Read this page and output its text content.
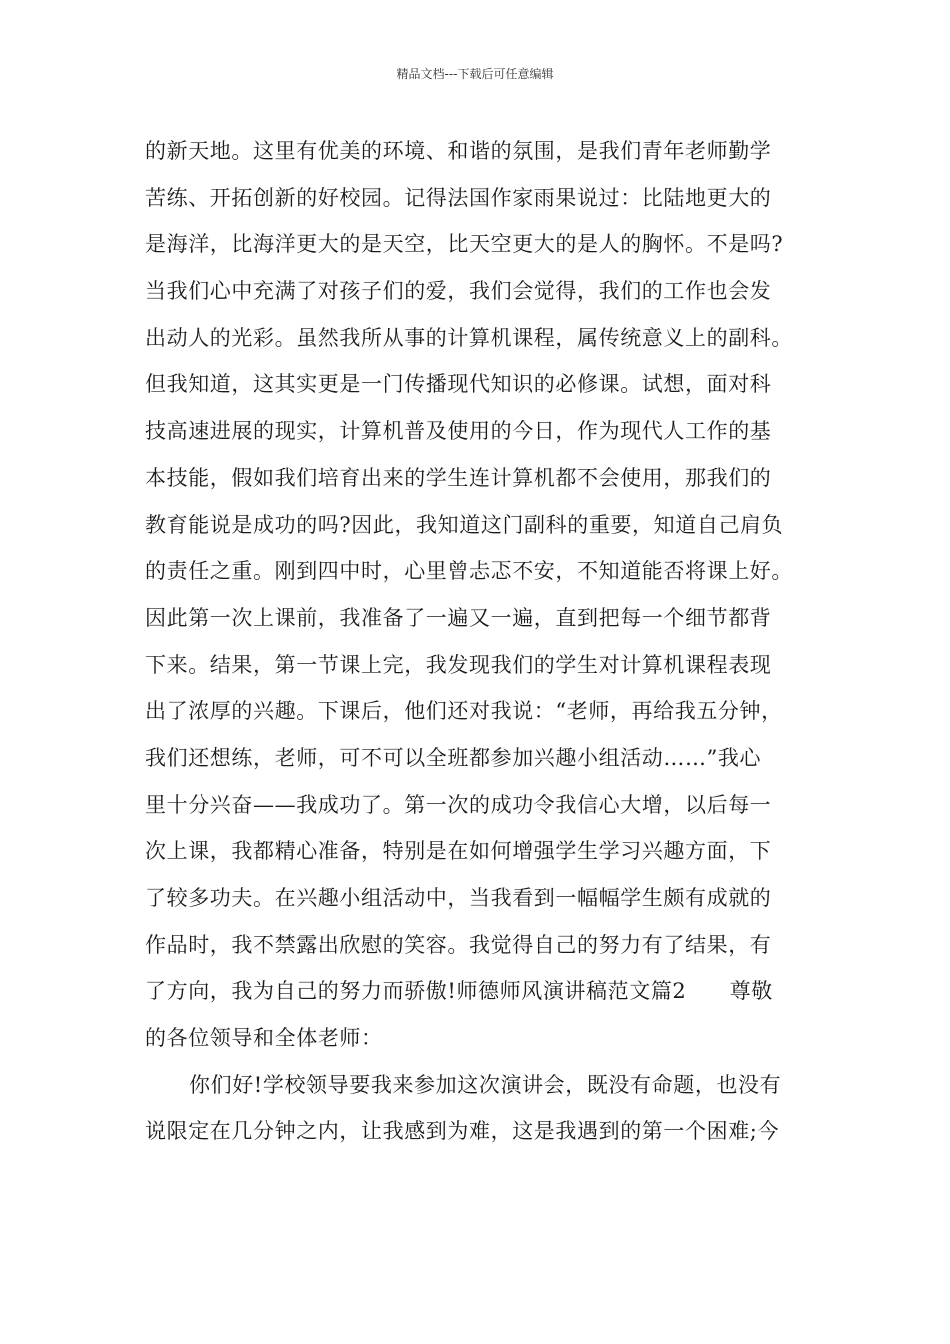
精品文档---下载后可任意编辑
的新天地。这里有优美的环境、和谐的氛围，是我们青年老师勤学
苦练、开拓创新的好校园。记得法国作家雨果说过：比陆地更大的
是海洋，比海洋更大的是天空，比天空更大的是人的胸怀。不是吗?
当我们心中充满了对孩子们的爱，我们会觉得，我们的工作也会发
出动人的光彩。虽然我所从事的计算机课程，属传统意义上的副科。
但我知道，这其实更是一门传播现代知识的必修课。试想，面对科
技高速进展的现实，计算机普及使用的今日，作为现代人工作的基
本技能，假如我们培育出来的学生连计算机都不会使用，那我们的
教育能说是成功的吗?因此，我知道这门副科的重要，知道自己肩负
的责任之重。刚到四中时，心里曾忐忑不安，不知道能否将课上好。
因此第一次上课前，我准备了一遍又一遍，直到把每一个细节都背
下来。结果，第一节课上完，我发现我们的学生对计算机课程表现
出了浓厚的兴趣。下课后，他们还对我说：“老师，再给我五分钟，
我们还想练，老师，可不可以全班都参加兴趣小组活动……”我心
里十分兴奋——我成功了。第一次的成功令我信心大增，以后每一
次上课，我都精心准备，特别是在如何增强学生学习兴趣方面，下
了较多功夫。在兴趣小组活动中，当我看到一幅幅学生颇有成就的
作品时，我不禁露出欣慰的笑容。我觉得自己的努力有了结果，有
了方向，我为自己的努力而骄傲!师德师风演讲稿范文篇2　　尊敬
的各位领导和全体老师：
你们好!学校领导要我来参加这次演讲会，既没有命题，也没有
说限定在几分钟之内，让我感到为难，这是我遇到的第一个困难;今
